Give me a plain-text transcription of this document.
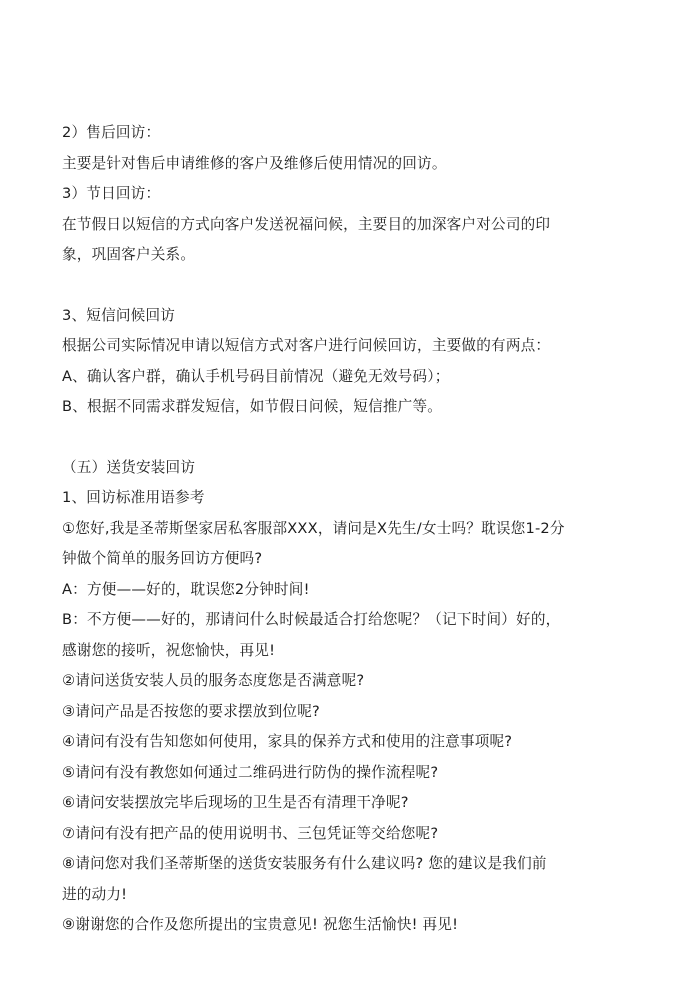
2）售后回访：

主要是针对售后申请维修的客户及维修后使用情况的回访。

3）节日回访：

在节假日以短信的方式向客户发送祝福问候，主要目的加深客户对公司的印

象，巩固客户关系。

3、短信问候回访

根据公司实际情况申请以短信方式对客户进行问候回访，主要做的有两点：

A、确认客户群，确认手机号码目前情况（避免无效号码）；

B、根据不同需求群发短信，如节假日问候，短信推广等。

（五）送货安装回访

1、回访标准用语参考

①您好,我是圣蒂斯堡家居私客服部XXX，请问是X先生/女士吗？耽误您1-2分

钟做个简单的服务回访方便吗?

A：方便——好的，耽误您2分钟时间!

B：不方便——好的，那请问什么时候最适合打给您呢？（记下时间）好的，

感谢您的接听，祝您愉快，再见!

②请问送货安装人员的服务态度您是否满意呢?

③请问产品是否按您的要求摆放到位呢?

④请问有没有告知您如何使用，家具的保养方式和使用的注意事项呢?

⑤请问有没有教您如何通过二维码进行防伪的操作流程呢?

⑥请问安装摆放完毕后现场的卫生是否有清理干净呢?

⑦请问有没有把产品的使用说明书、三包凭证等交给您呢?

⑧请问您对我们圣蒂斯堡的送货安装服务有什么建议吗? 您的建议是我们前

进的动力!

⑨谢谢您的合作及您所提出的宝贵意见! 祝您生活愉快! 再见!
